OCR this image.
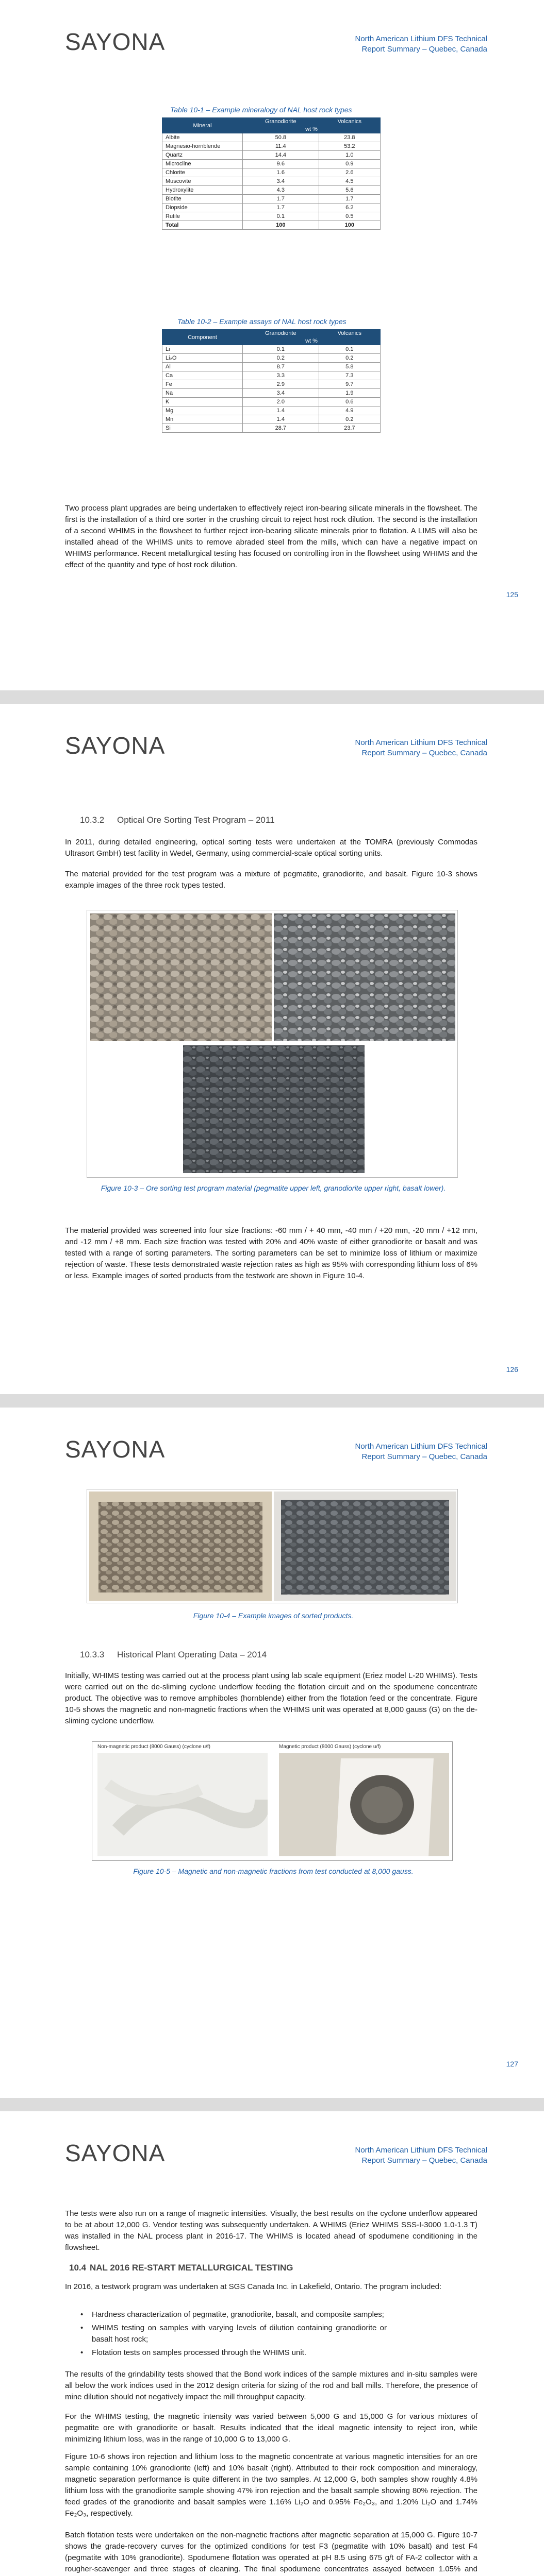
SAYONA	North American Lithium DFS Technical
Report Summary – Quebec, Canada
Table 10-1 – Example mineralogy of NAL host rock types
Mineral	Granodiorite	Volcanics
	wt %	
Albite	50.8	23.8
Magnesio-hornblende	11.4	53.2
Quartz	14.4	1.0
Microcline	9.6	0.9
Chlorite	1.6	2.6
Muscovite	3.4	4.5
Hydroxylite	4.3	5.6
Biotite	1.7	1.7
Diopside	1.7	6.2
Rutile	0.1	0.5
Total	100	100
Table 10-2 – Example assays of NAL host rock types
Component	Granodiorite	Volcanics
	wt %	
Li	0.1	0.1
Li₂O	0.2	0.2
Al	8.7	5.8
Ca	3.3	7.3
Fe	2.9	9.7
Na	3.4	1.9
K	2.0	0.6
Mg	1.4	4.9
Mn	1.4	0.2
Si	28.7	23.7
Two process plant upgrades are being undertaken to effectively reject iron-bearing silicate minerals in the flowsheet. The first is the installation of a third ore sorter in the crushing circuit to reject host rock dilution. The second is the installation of a second WHIMS in the flowsheet to further reject iron-bearing silicate minerals prior to flotation. A LIMS will also be installed ahead of the WHIMS units to remove abraded steel from the mills, which can have a negative impact on WHIMS performance. Recent metallurgical testing has focused on controlling iron in the flowsheet using WHIMS and the effect of the quantity and type of host rock dilution.
125
SAYONA	North American Lithium DFS Technical
Report Summary – Quebec, Canada
10.3.2 Optical Ore Sorting Test Program – 2011
In 2011, during detailed engineering, optical sorting tests were undertaken at the TOMRA (previously Commodas Ultrasort GmbH) test facility in Wedel, Germany, using commercial-scale optical sorting units.
The material provided for the test program was a mixture of pegmatite, granodiorite, and basalt. Figure 10-3 shows example images of the three rock types tested.
Figure 10-3 – Ore sorting test program material (pegmatite upper left, granodiorite upper right, basalt lower).
The material provided was screened into four size fractions: -60 mm / + 40 mm, -40 mm / +20 mm, -20 mm / +12 mm, and -12 mm / +8 mm. Each size fraction was tested with 20% and 40% waste of either granodiorite or basalt and was tested with a range of sorting parameters. The sorting parameters can be set to minimize loss of lithium or maximize rejection of waste. These tests demonstrated waste rejection rates as high as 95% with corresponding lithium loss of 6% or less. Example images of sorted products from the testwork are shown in Figure 10-4.
126
SAYONA	North American Lithium DFS Technical
Report Summary – Quebec, Canada
Figure 10-4 – Example images of sorted products.
10.3.3 Historical Plant Operating Data – 2014
Initially, WHIMS testing was carried out at the process plant using lab scale equipment (Eriez model L-20 WHIMS). Tests were carried out on the de-sliming cyclone underflow feeding the flotation circuit and on the spodumene concentrate product. The objective was to remove amphiboles (hornblende) either from the flotation feed or the concentrate. Figure 10-5 shows the magnetic and non-magnetic fractions when the WHIMS unit was operated at 8,000 gauss (G) on the de-sliming cyclone underflow.
Non-magnetic product (8000 Gauss) (cyclone u/f)	Magnetic product (8000 Gauss) (cyclone u/f)
Figure 10-5 – Magnetic and non-magnetic fractions from test conducted at 8,000 gauss.
127
SAYONA	North American Lithium DFS Technical
Report Summary – Quebec, Canada
The tests were also run on a range of magnetic intensities. Visually, the best results on the cyclone underflow appeared to be at about 12,000 G. Vendor testing was subsequently undertaken. A WHIMS (Eriez WHIMS SSS-I-3000 1.0-1.3 T) was installed in the NAL process plant in 2016-17. The WHIMS is located ahead of spodumene conditioning in the flowsheet.
10.4 NAL 2016 RE-START METALLURGICAL TESTING
In 2016, a testwork program was undertaken at SGS Canada Inc. in Lakefield, Ontario. The program included:
• Hardness characterization of pegmatite, granodiorite, basalt, and composite samples;
• WHIMS testing on samples with varying levels of dilution containing granodiorite or basalt host rock;
• Flotation tests on samples processed through the WHIMS unit.
The results of the grindability tests showed that the Bond work indices of the sample mixtures and in-situ samples were all below the work indices used in the 2012 design criteria for sizing of the rod and ball mills. Therefore, the presence of mine dilution should not negatively impact the mill throughput capacity.
For the WHIMS testing, the magnetic intensity was varied between 5,000 G and 15,000 G for various mixtures of pegmatite ore with granodiorite or basalt. Results indicated that the ideal magnetic intensity to reject iron, while minimizing lithium loss, was in the range of 10,000 G to 13,000 G.
Figure 10-6 shows iron rejection and lithium loss to the magnetic concentrate at various magnetic intensities for an ore sample containing 10% granodiorite (left) and 10% basalt (right). Attributed to their rock composition and mineralogy, magnetic separation performance is quite different in the two samples. At 12,000 G, both samples show roughly 4.8% lithium loss with the granodiorite sample showing 47% iron rejection and the basalt sample showing 80% rejection. The feed grades of the granodiorite and basalt samples were 1.16% Li₂O and 0.95% Fe₂O₃, and 1.20% Li₂O and 1.74% Fe₂O₃, respectively.
Batch flotation tests were undertaken on the non-magnetic fractions after magnetic separation at 15,000 G. Figure 10-7 shows the grade-recovery curves for the optimized conditions for test F3 (pegmatite with 10% basalt) and test F4 (pegmatite with 10% granodiorite). Spodumene flotation was operated at pH 8.5 using 675 g/t of FA-2 collector with a rougher-scavenger and three stages of cleaning. The final spodumene concentrates assayed between 1.05% and
